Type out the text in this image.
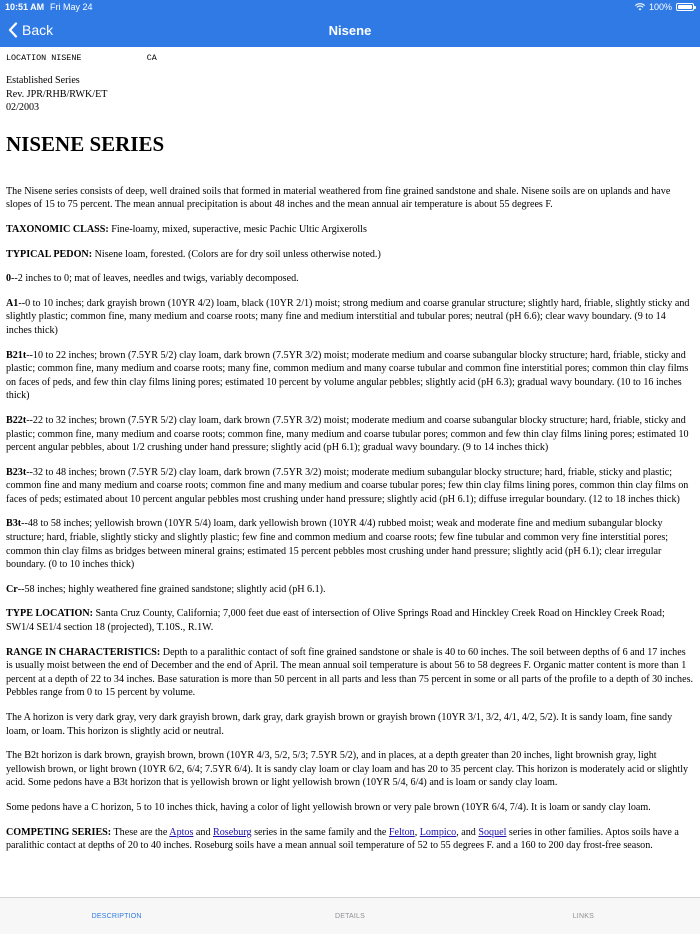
10:51 AM Fri May 24	100%
Back	Nisene
LOCATION NISENE             CA
Established Series
Rev. JPR/RHB/RWK/ET
02/2003
NISENE SERIES

The Nisene series consists of deep, well drained soils that formed in material weathered from fine grained sandstone and shale. Nisene soils are on uplands and have slopes of 15 to 75 percent. The mean annual precipitation is about 48 inches and the mean annual air temperature is about 55 degrees F.

TAXONOMIC CLASS: Fine-loamy, mixed, superactive, mesic Pachic Ultic Argixerolls

TYPICAL PEDON: Nisene loam, forested. (Colors are for dry soil unless otherwise noted.)

0--2 inches to 0; mat of leaves, needles and twigs, variably decomposed.

A1--0 to 10 inches; dark grayish brown (10YR 4/2) loam, black (10YR 2/1) moist; strong medium and coarse granular structure; slightly hard, friable, slightly sticky and slightly plastic; common fine, many medium and coarse roots; many fine and medium interstitial and tubular pores; neutral (pH 6.6); clear wavy boundary. (9 to 14 inches thick)

B21t--10 to 22 inches; brown (7.5YR 5/2) clay loam, dark brown (7.5YR 3/2) moist; moderate medium and coarse subangular blocky structure; hard, friable, sticky and plastic; common fine, many medium and coarse roots; many fine, common medium and many coarse tubular and common fine interstitial pores; common thin clay films on faces of peds, and few thin clay films lining pores; estimated 10 percent by volume angular pebbles; slightly acid (pH 6.3); gradual wavy boundary. (10 to 16 inches thick)

B22t--22 to 32 inches; brown (7.5YR 5/2) clay loam, dark brown (7.5YR 3/2) moist; moderate medium and coarse subangular blocky structure; hard, friable, sticky and plastic; common fine, many medium and coarse roots; common fine, many medium and coarse tubular pores; common and few thin clay films lining pores; estimated 10 percent angular pebbles, about 1/2 crushing under hand pressure; slightly acid (pH 6.1); gradual wavy boundary. (9 to 14 inches thick)

B23t--32 to 48 inches; brown (7.5YR 5/2) clay loam, dark brown (7.5YR 3/2) moist; moderate medium subangular blocky structure; hard, friable, sticky and plastic; common fine and many medium and coarse roots; common fine and many medium and coarse tubular pores; few thin clay films lining pores, common thin clay films on faces of peds; estimated about 10 percent angular pebbles most crushing under hand pressure; slightly acid (pH 6.1); diffuse irregular boundary. (12 to 18 inches thick)

B3t--48 to 58 inches; yellowish brown (10YR 5/4) loam, dark yellowish brown (10YR 4/4) rubbed moist; weak and moderate fine and medium subangular blocky structure; hard, friable, slightly sticky and slightly plastic; few fine and common medium and coarse roots; few fine tubular and common very fine interstitial pores; common thin clay films as bridges between mineral grains; estimated 15 percent pebbles most crushing under hand pressure; slightly acid (pH 6.1); clear irregular boundary. (0 to 10 inches thick)

Cr--58 inches; highly weathered fine grained sandstone; slightly acid (pH 6.1).

TYPE LOCATION: Santa Cruz County, California; 7,000 feet due east of intersection of Olive Springs Road and Hinckley Creek Road on Hinckley Creek Road; SW1/4 SE1/4 section 18 (projected), T.10S., R.1W.

RANGE IN CHARACTERISTICS: Depth to a paralithic contact of soft fine grained sandstone or shale is 40 to 60 inches. The soil between depths of 6 and 17 inches is usually moist between the end of December and the end of April. The mean annual soil temperature is about 56 to 58 degrees F. Organic matter content is more than 1 percent at a depth of 22 to 34 inches. Base saturation is more than 50 percent in all parts and less than 75 percent in some or all parts of the profile to a depth of 30 inches. Pebbles range from 0 to 15 percent by volume.

The A horizon is very dark gray, very dark grayish brown, dark gray, dark grayish brown or grayish brown (10YR 3/1, 3/2, 4/1, 4/2, 5/2). It is sandy loam, fine sandy loam, or loam. This horizon is slightly acid or neutral.

The B2t horizon is dark brown, grayish brown, brown (10YR 4/3, 5/2, 5/3; 7.5YR 5/2), and in places, at a depth greater than 20 inches, light brownish gray, light yellowish brown, or light brown (10YR 6/2, 6/4; 7.5YR 6/4). It is sandy clay loam or clay loam and has 20 to 35 percent clay. This horizon is moderately acid or slightly acid. Some pedons have a B3t horizon that is yellowish brown or light yellowish brown (10YR 5/4, 6/4) and is loam or sandy clay loam.

Some pedons have a C horizon, 5 to 10 inches thick, having a color of light yellowish brown or very pale brown (10YR 6/4, 7/4). It is loam or sandy clay loam.

COMPETING SERIES: These are the Aptos and Roseburg series in the same family and the Felton, Lompico, and Soquel series in other families. Aptos soils have a paralithic contact at depths of 20 to 40 inches. Roseburg soils have a mean annual soil temperature of 52 to 55 degrees F. and a 160 to 200 day frost-free season.

DESCRIPTION	DETAILS	LINKS
